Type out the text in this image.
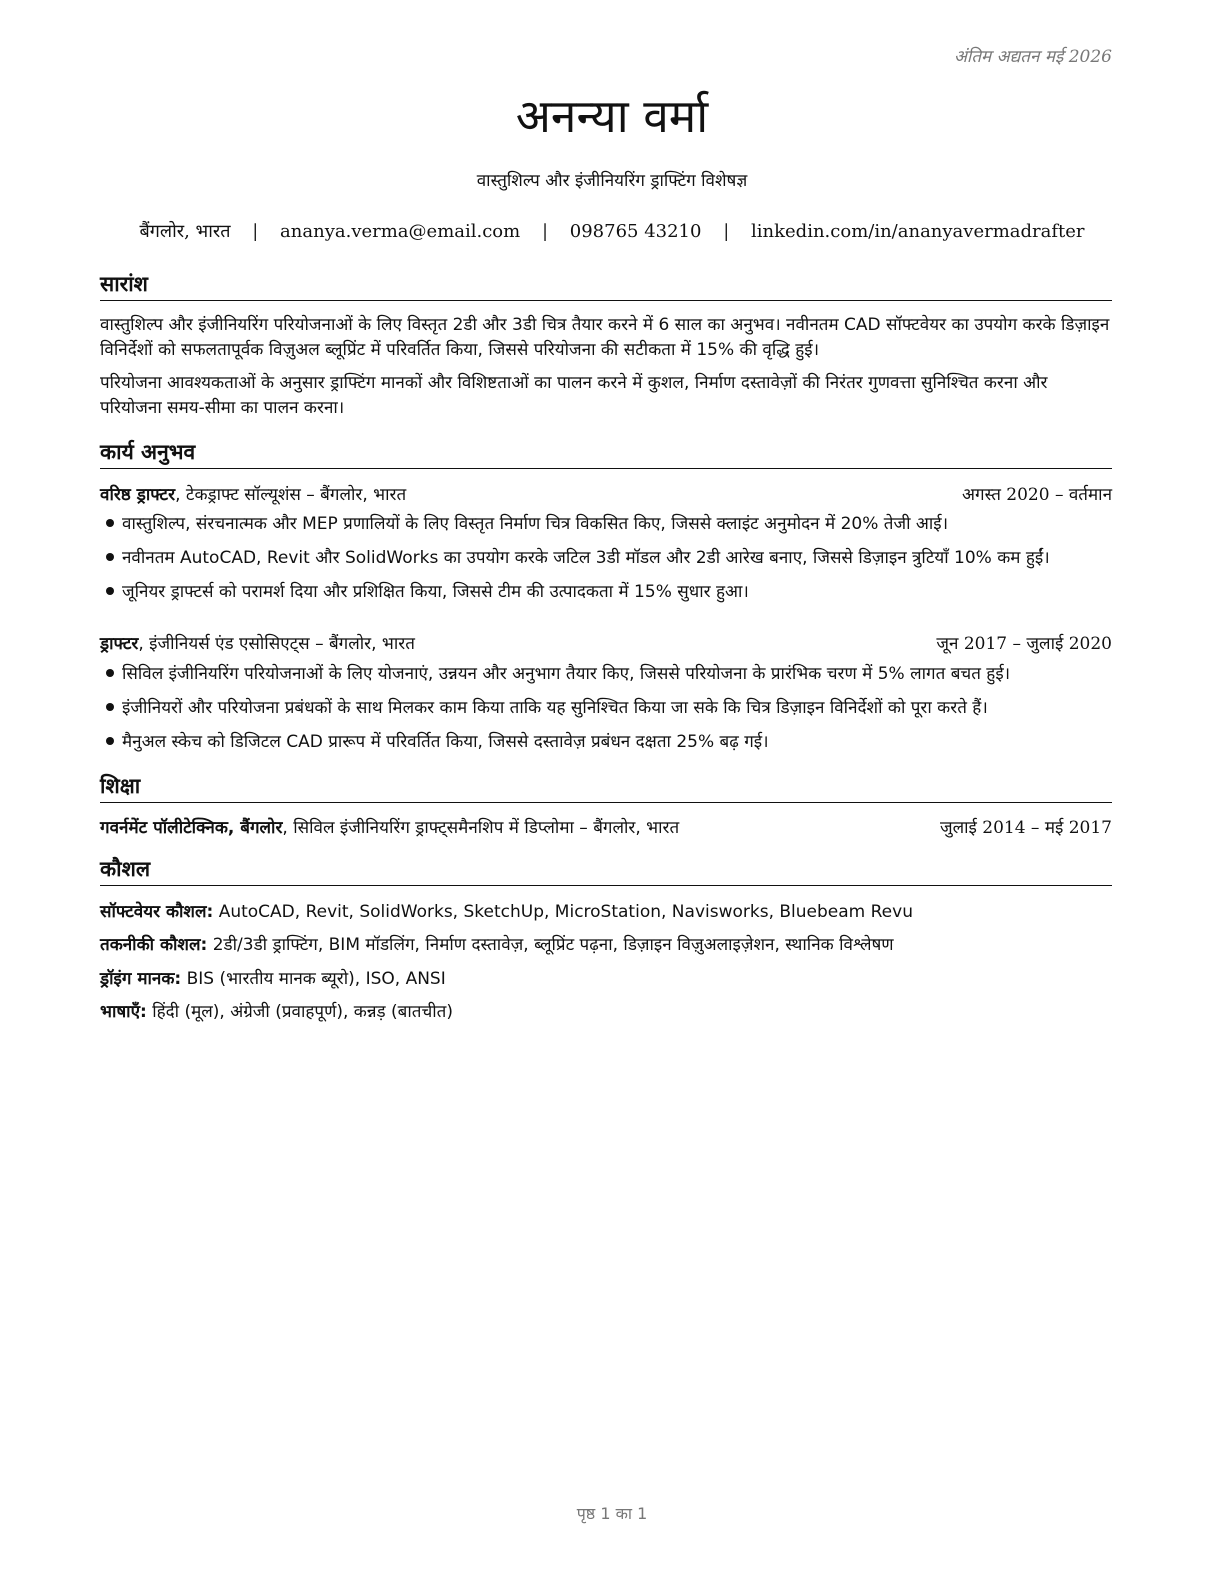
अंतिम अद्यतन मई 2026
अनन्या वर्मा
वास्तुशिल्प और इंजीनियरिंग ड्राफ्टिंग विशेषज्ञ
बैंगलोर, भारत | ananya.verma@email.com | 098765 43210 | linkedin.com/in/ananyavermadrafter
सारांश
वास्तुशिल्प और इंजीनियरिंग परियोजनाओं के लिए विस्तृत 2डी और 3डी चित्र तैयार करने में 6 साल का अनुभव। नवीनतम CAD सॉफ्टवेयर का उपयोग करके डिज़ाइन विनिर्देशों को सफलतापूर्वक विज़ुअल ब्लूप्रिंट में परिवर्तित किया, जिससे परियोजना की सटीकता में 15% की वृद्धि हुई।
परियोजना आवश्यकताओं के अनुसार ड्राफ्टिंग मानकों और विशिष्टताओं का पालन करने में कुशल, निर्माण दस्तावेज़ों की निरंतर गुणवत्ता सुनिश्चित करना और परियोजना समय-सीमा का पालन करना।
कार्य अनुभव
वरिष्ठ ड्राफ्टर, टेकड्राफ्ट सॉल्यूशंस – बैंगलोर, भारत	अगस्त 2020 – वर्तमान
वास्तुशिल्प, संरचनात्मक और MEP प्रणालियों के लिए विस्तृत निर्माण चित्र विकसित किए, जिससे क्लाइंट अनुमोदन में 20% तेजी आई।
नवीनतम AutoCAD, Revit और SolidWorks का उपयोग करके जटिल 3डी मॉडल और 2डी आरेख बनाए, जिससे डिज़ाइन त्रुटियाँ 10% कम हुईं।
जूनियर ड्राफ्टर्स को परामर्श दिया और प्रशिक्षित किया, जिससे टीम की उत्पादकता में 15% सुधार हुआ।
ड्राफ्टर, इंजीनियर्स एंड एसोसिएट्स – बैंगलोर, भारत	जून 2017 – जुलाई 2020
सिविल इंजीनियरिंग परियोजनाओं के लिए योजनाएं, उन्नयन और अनुभाग तैयार किए, जिससे परियोजना के प्रारंभिक चरण में 5% लागत बचत हुई।
इंजीनियरों और परियोजना प्रबंधकों के साथ मिलकर काम किया ताकि यह सुनिश्चित किया जा सके कि चित्र डिज़ाइन विनिर्देशों को पूरा करते हैं।
मैनुअल स्केच को डिजिटल CAD प्रारूप में परिवर्तित किया, जिससे दस्तावेज़ प्रबंधन दक्षता 25% बढ़ गई।
शिक्षा
गवर्नमेंट पॉलीटेक्निक, बैंगलोर, सिविल इंजीनियरिंग ड्राफ्ट्समैनशिप में डिप्लोमा – बैंगलोर, भारत	जुलाई 2014 – मई 2017
कौशल
सॉफ्टवेयर कौशल: AutoCAD, Revit, SolidWorks, SketchUp, MicroStation, Navisworks, Bluebeam Revu
तकनीकी कौशल: 2डी/3डी ड्राफ्टिंग, BIM मॉडलिंग, निर्माण दस्तावेज़, ब्लूप्रिंट पढ़ना, डिज़ाइन विज़ुअलाइज़ेशन, स्थानिक विश्लेषण
ड्रॉइंग मानक: BIS (भारतीय मानक ब्यूरो), ISO, ANSI
भाषाएँ: हिंदी (मूल), अंग्रेजी (प्रवाहपूर्ण), कन्नड़ (बातचीत)
पृष्ठ 1 का 1
